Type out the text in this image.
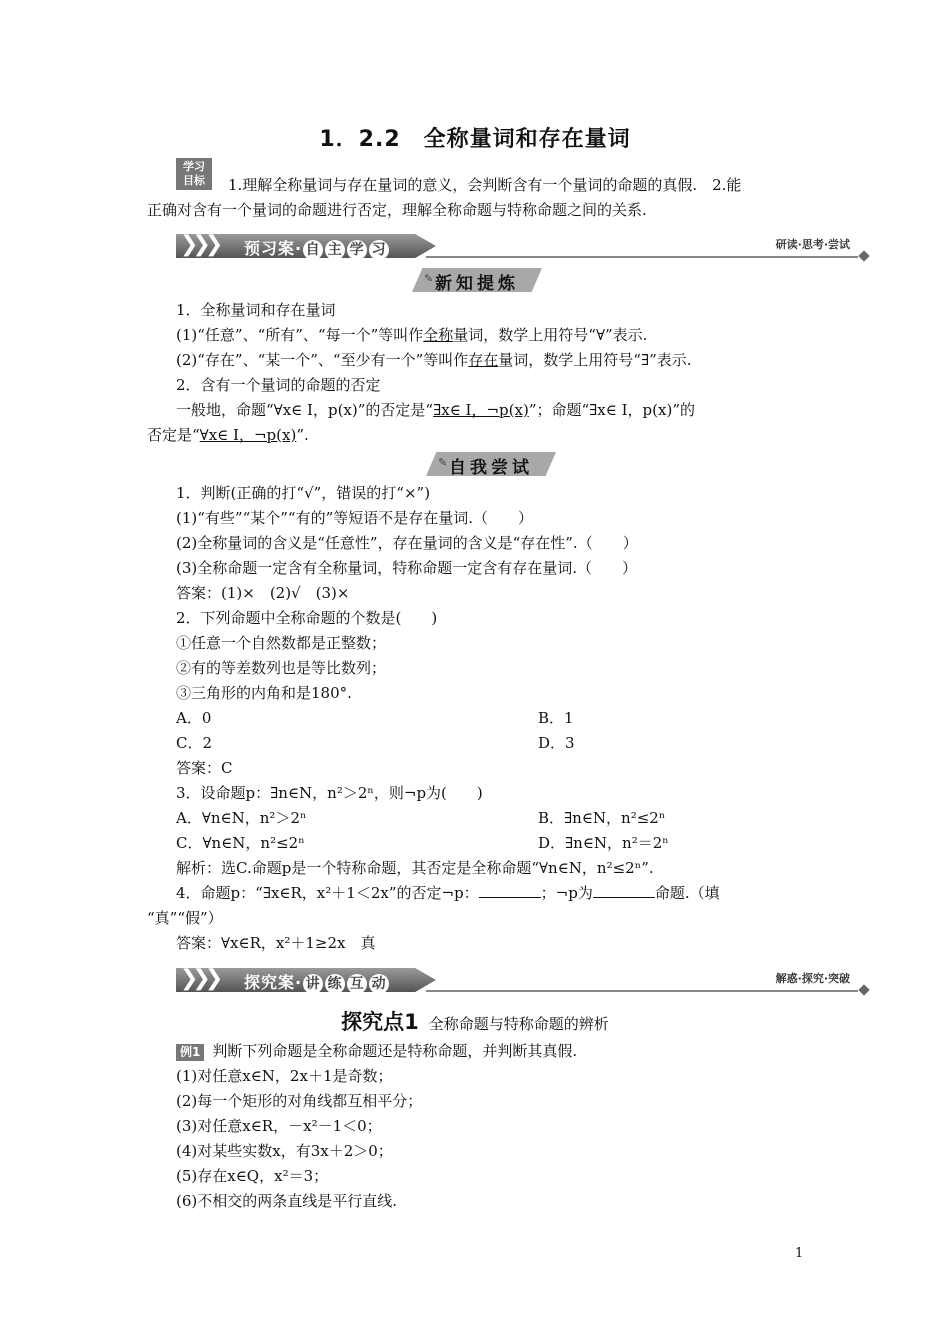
1．2.2　全称量词和存在量词
学习
目标	1.理解全称量词与存在量词的意义，会判断含有一个量词的命题的真假.　2.能
正确对含有一个量词的命题进行否定，理解全称命题与特称命题之间的关系.
❯❯❯ 预习案· 自 主 学 习	研读·思考·尝试
✎ 新知提炼
1．全称量词和存在量词
(1)“任意”、“所有”、“每一个”等叫作全称量词，数学上用符号“∀”表示.
(2)“存在”、“某一个”、“至少有一个”等叫作存在量词，数学上用符号“∃”表示.
2．含有一个量词的命题的否定
一般地，命题“∀x∈ I，p(x)”的否定是“∃x∈ I，¬p(x)”；命题“∃x∈ I，p(x)”的
否定是“∀x∈ I，¬p(x)”.
✎ 自我尝试
1．判断(正确的打“√”，错误的打“×”)
(1)“有些”“某个”“有的”等短语不是存在量词.（　　）
(2)全称量词的含义是“任意性”，存在量词的含义是“存在性”.（　　）
(3)全称命题一定含有全称量词，特称命题一定含有存在量词.（　　）
答案：(1)×　(2)√　(3)×
2．下列命题中全称命题的个数是(　　)
①任意一个自然数都是正整数；
②有的等差数列也是等比数列；
③三角形的内角和是180°.
A．0	B．1
C．2	D．3
答案：C
3．设命题p：∃n∈N，n²＞2ⁿ，则¬p为(　　)
A．∀n∈N，n²＞2ⁿ	B．∃n∈N，n²≤2ⁿ
C．∀n∈N，n²≤2ⁿ	D．∃n∈N，n²＝2ⁿ
解析：选C.命题p是一个特称命题，其否定是全称命题“∀n∈N，n²≤2ⁿ”.
4．命题p：“∃x∈R，x²＋1＜2x”的否定¬p：	；¬p为	命题.（填
“真”“假”）
答案：∀x∈R，x²＋1≥2x　真
❯❯❯ 探究案· 讲 练 互 动	解惑·探究·突破
探究点1 全称命题与特称命题的辨析
例1 判断下列命题是全称命题还是特称命题，并判断其真假.
(1)对任意x∈N，2x＋1是奇数；
(2)每一个矩形的对角线都互相平分；
(3)对任意x∈R，－x²－1＜0；
(4)对某些实数x，有3x＋2＞0；
(5)存在x∈Q，x²＝3；
(6)不相交的两条直线是平行直线.
1
